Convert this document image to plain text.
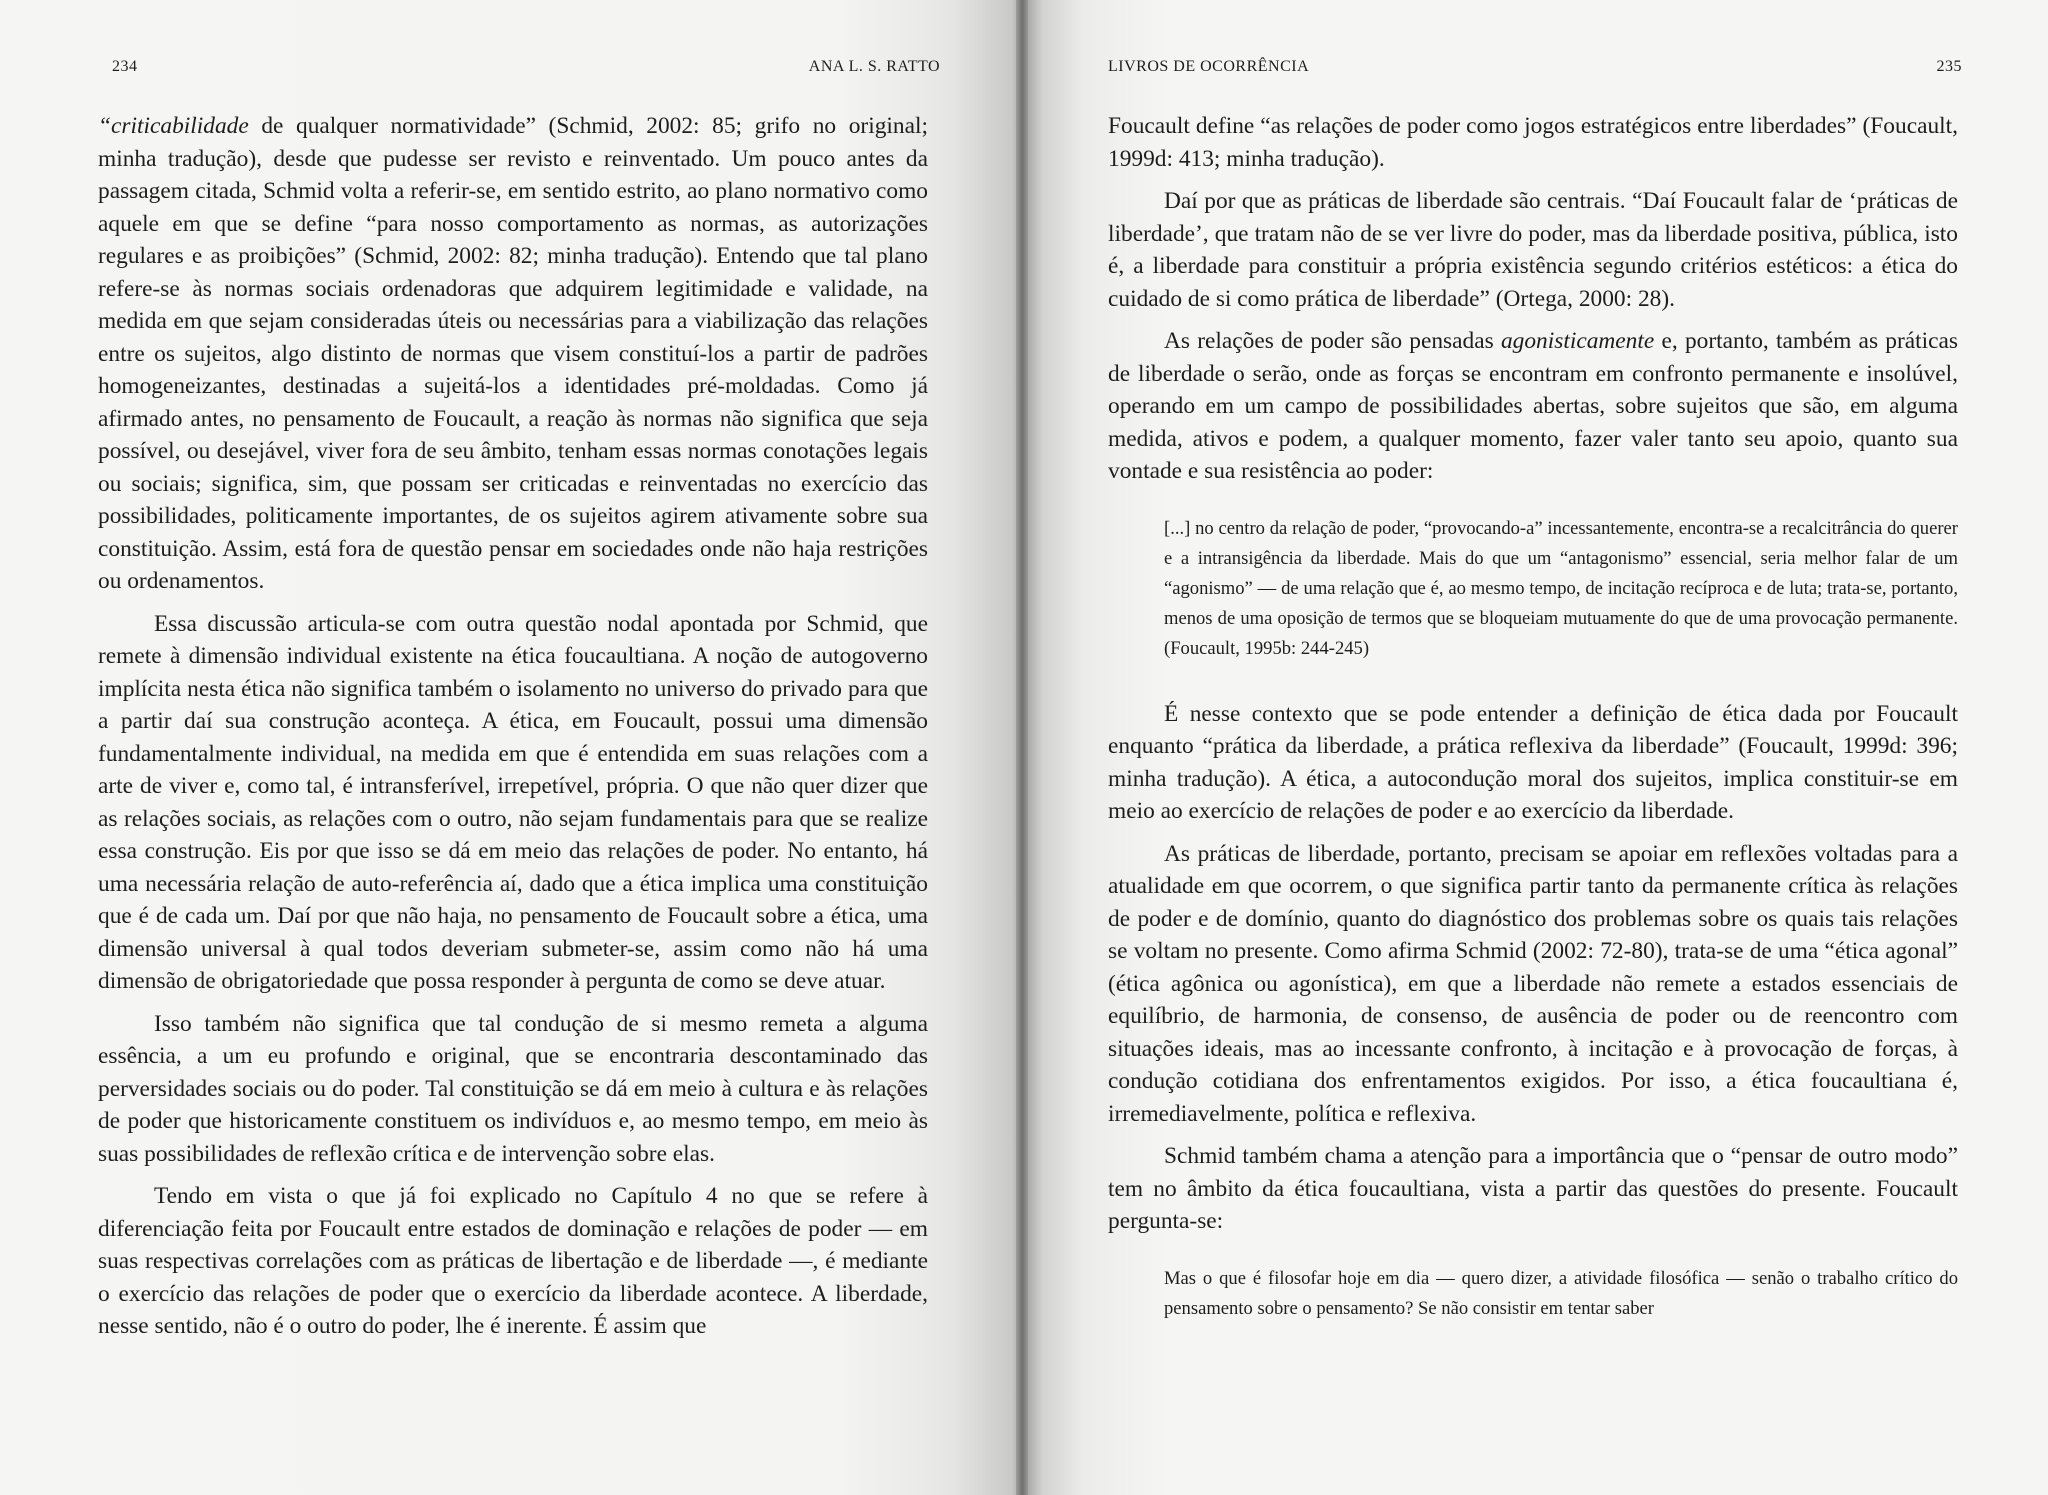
234	ANA L. S. RATTO

“criticabilidade de qualquer normatividade” (Schmid, 2002: 85; grifo no original; minha tradução), desde que pudesse ser revisto e reinventado. Um pouco antes da passagem citada, Schmid volta a referir-se, em sentido estrito, ao plano normativo como aquele em que se define “para nosso comportamento as normas, as autorizações regulares e as proibições” (Schmid, 2002: 82; minha tradução). Entendo que tal plano refere-se às normas sociais ordenadoras que adquirem legitimidade e validade, na medida em que sejam consideradas úteis ou necessárias para a viabilização das relações entre os sujeitos, algo distinto de normas que visem constituí-los a partir de padrões homogeneizantes, destinadas a sujeitá-los a identidades pré-moldadas. Como já afirmado antes, no pensamento de Foucault, a reação às normas não significa que seja possível, ou desejável, viver fora de seu âmbito, tenham essas normas conotações legais ou sociais; significa, sim, que possam ser criticadas e reinventadas no exercício das possibilidades, politicamente importantes, de os sujeitos agirem ativamente sobre sua constituição. Assim, está fora de questão pensar em sociedades onde não haja restrições ou ordenamentos.

Essa discussão articula-se com outra questão nodal apontada por Schmid, que remete à dimensão individual existente na ética foucaultiana. A noção de autogoverno implícita nesta ética não significa também o isolamento no universo do privado para que a partir daí sua construção aconteça. A ética, em Foucault, possui uma dimensão fundamentalmente individual, na medida em que é entendida em suas relações com a arte de viver e, como tal, é intransferível, irrepetível, própria. O que não quer dizer que as relações sociais, as relações com o outro, não sejam fundamentais para que se realize essa construção. Eis por que isso se dá em meio das relações de poder. No entanto, há uma necessária relação de auto-referência aí, dado que a ética implica uma constituição que é de cada um. Daí por que não haja, no pensamento de Foucault sobre a ética, uma dimensão universal à qual todos deveriam submeter-se, assim como não há uma dimensão de obrigatoriedade que possa responder à pergunta de como se deve atuar.

Isso também não significa que tal condução de si mesmo remeta a alguma essência, a um eu profundo e original, que se encontraria descontaminado das perversidades sociais ou do poder. Tal constituição se dá em meio à cultura e às relações de poder que historicamente constituem os indivíduos e, ao mesmo tempo, em meio às suas possibilidades de reflexão crítica e de intervenção sobre elas.

Tendo em vista o que já foi explicado no Capítulo 4 no que se refere à diferenciação feita por Foucault entre estados de dominação e relações de poder — em suas respectivas correlações com as práticas de libertação e de liberdade —, é mediante o exercício das relações de poder que o exercício da liberdade acontece. A liberdade, nesse sentido, não é o outro do poder, lhe é inerente. É assim que

LIVROS DE OCORRÊNCIA	235

Foucault define “as relações de poder como jogos estratégicos entre liberdades” (Foucault, 1999d: 413; minha tradução).

Daí por que as práticas de liberdade são centrais. “Daí Foucault falar de ‘práticas de liberdade’, que tratam não de se ver livre do poder, mas da liberdade positiva, pública, isto é, a liberdade para constituir a própria existência segundo critérios estéticos: a ética do cuidado de si como prática de liberdade” (Ortega, 2000: 28).

As relações de poder são pensadas agonisticamente e, portanto, também as práticas de liberdade o serão, onde as forças se encontram em confronto permanente e insolúvel, operando em um campo de possibilidades abertas, sobre sujeitos que são, em alguma medida, ativos e podem, a qualquer momento, fazer valer tanto seu apoio, quanto sua vontade e sua resistência ao poder:

[...] no centro da relação de poder, “provocando-a” incessantemente, encontra-se a recalcitrância do querer e a intransigência da liberdade. Mais do que um “antagonismo” essencial, seria melhor falar de um “agonismo” — de uma relação que é, ao mesmo tempo, de incitação recíproca e de luta; trata-se, portanto, menos de uma oposição de termos que se bloqueiam mutuamente do que de uma provocação permanente. (Foucault, 1995b: 244-245)

É nesse contexto que se pode entender a definição de ética dada por Foucault enquanto “prática da liberdade, a prática reflexiva da liberdade” (Foucault, 1999d: 396; minha tradução). A ética, a autocondução moral dos sujeitos, implica constituir-se em meio ao exercício de relações de poder e ao exercício da liberdade.

As práticas de liberdade, portanto, precisam se apoiar em reflexões voltadas para a atualidade em que ocorrem, o que significa partir tanto da permanente crítica às relações de poder e de domínio, quanto do diagnóstico dos problemas sobre os quais tais relações se voltam no presente. Como afirma Schmid (2002: 72-80), trata-se de uma “ética agonal” (ética agônica ou agonística), em que a liberdade não remete a estados essenciais de equilíbrio, de harmonia, de consenso, de ausência de poder ou de reencontro com situações ideais, mas ao incessante confronto, à incitação e à provocação de forças, à condução cotidiana dos enfrentamentos exigidos. Por isso, a ética foucaultiana é, irremediavelmente, política e reflexiva.

Schmid também chama a atenção para a importância que o “pensar de outro modo” tem no âmbito da ética foucaultiana, vista a partir das questões do presente. Foucault pergunta-se:

Mas o que é filosofar hoje em dia — quero dizer, a atividade filosófica — senão o trabalho crítico do pensamento sobre o pensamento? Se não consistir em tentar saber
